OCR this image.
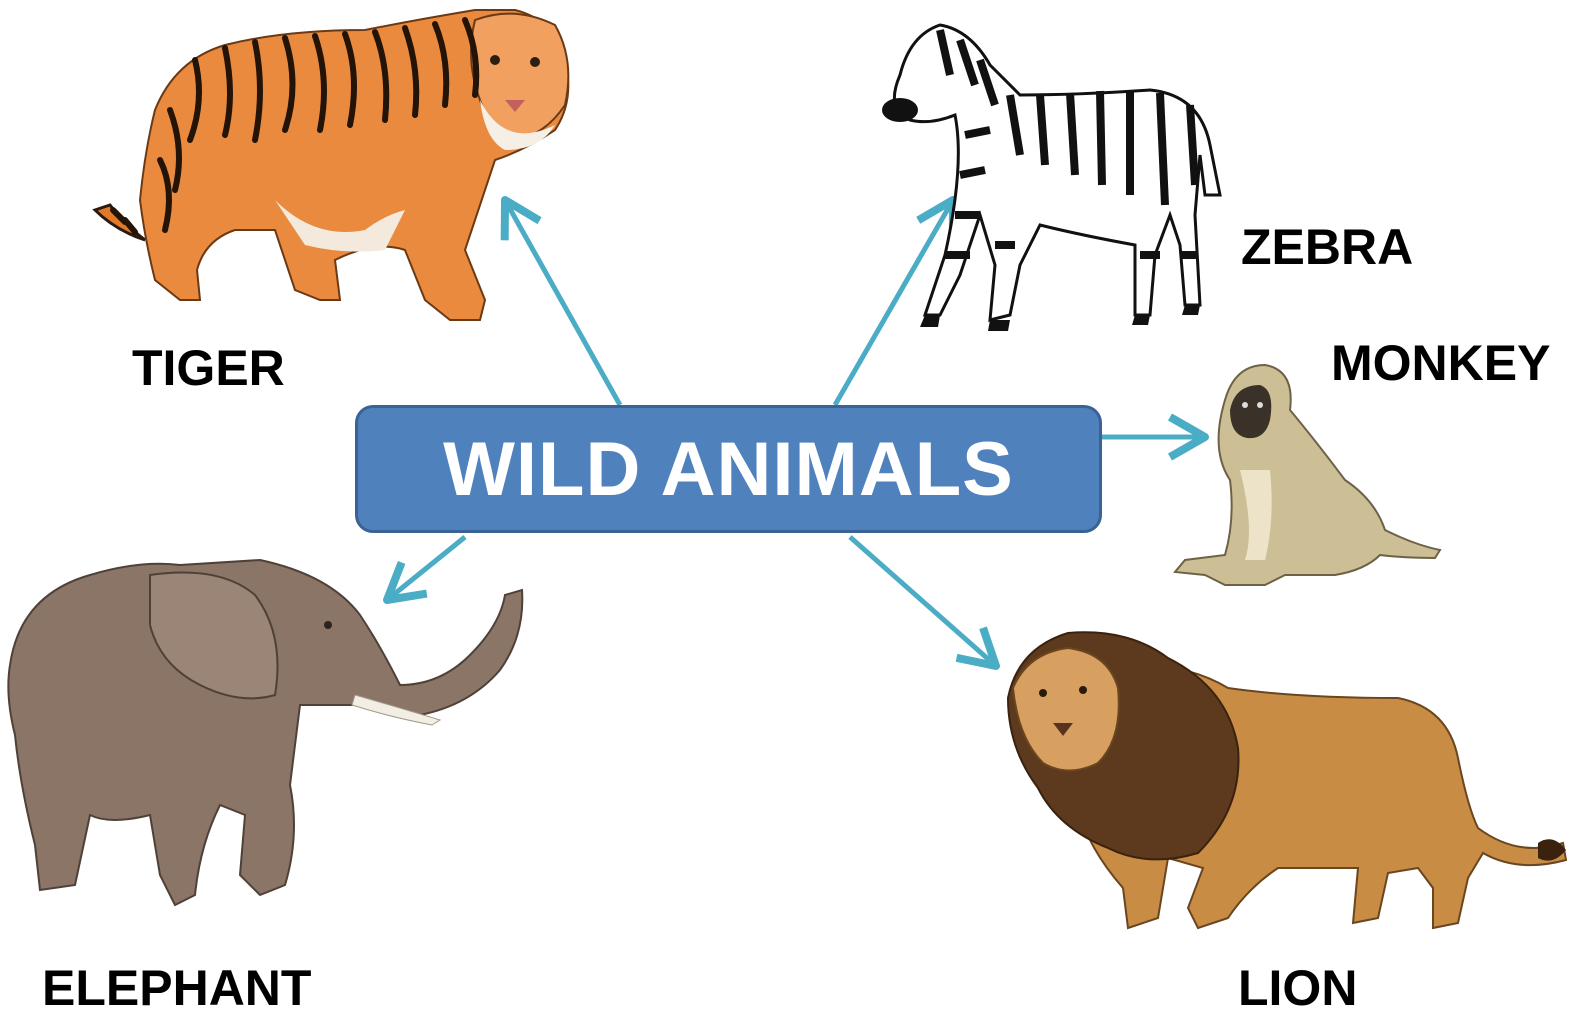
TIGER
ZEBRA
MONKEY
WILD ANIMALS
ELEPHANT	LION
